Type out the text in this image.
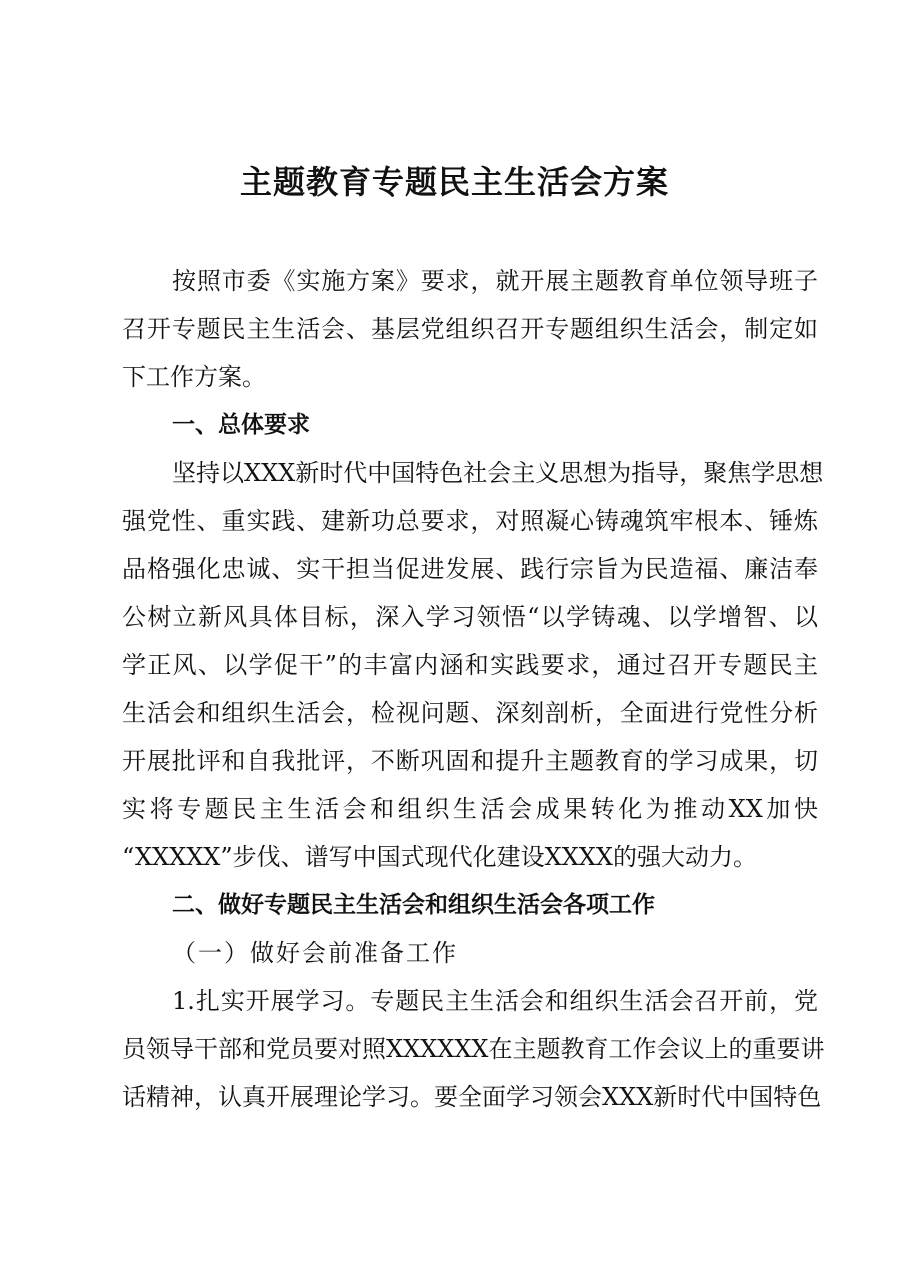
主题教育专题民主生活会方案
按照市委《实施方案》要求，就开展主题教育单位领导班子
召开专题民主生活会、基层党组织召开专题组织生活会，制定如
下工作方案。
一、总体要求
坚持以XXX新时代中国特色社会主义思想为指导，聚焦学思想
强党性、重实践、建新功总要求，对照凝心铸魂筑牢根本、锤炼
品格强化忠诚、实干担当促进发展、践行宗旨为民造福、廉洁奉
公树立新风具体目标，深入学习领悟“以学铸魂、以学增智、以
学正风、以学促干”的丰富内涵和实践要求，通过召开专题民主
生活会和组织生活会，检视问题、深刻剖析，全面进行党性分析
开展批评和自我批评，不断巩固和提升主题教育的学习成果，切
实将专题民主生活会和组织生活会成果转化为推动XX加快
“XXXXX”步伐、谱写中国式现代化建设XXXX的强大动力。
二、做好专题民主生活会和组织生活会各项工作
（一）做好会前准备工作
1.扎实开展学习。专题民主生活会和组织生活会召开前，党
员领导干部和党员要对照XXXXXX在主题教育工作会议上的重要讲
话精神，认真开展理论学习。要全面学习领会XXX新时代中国特色
